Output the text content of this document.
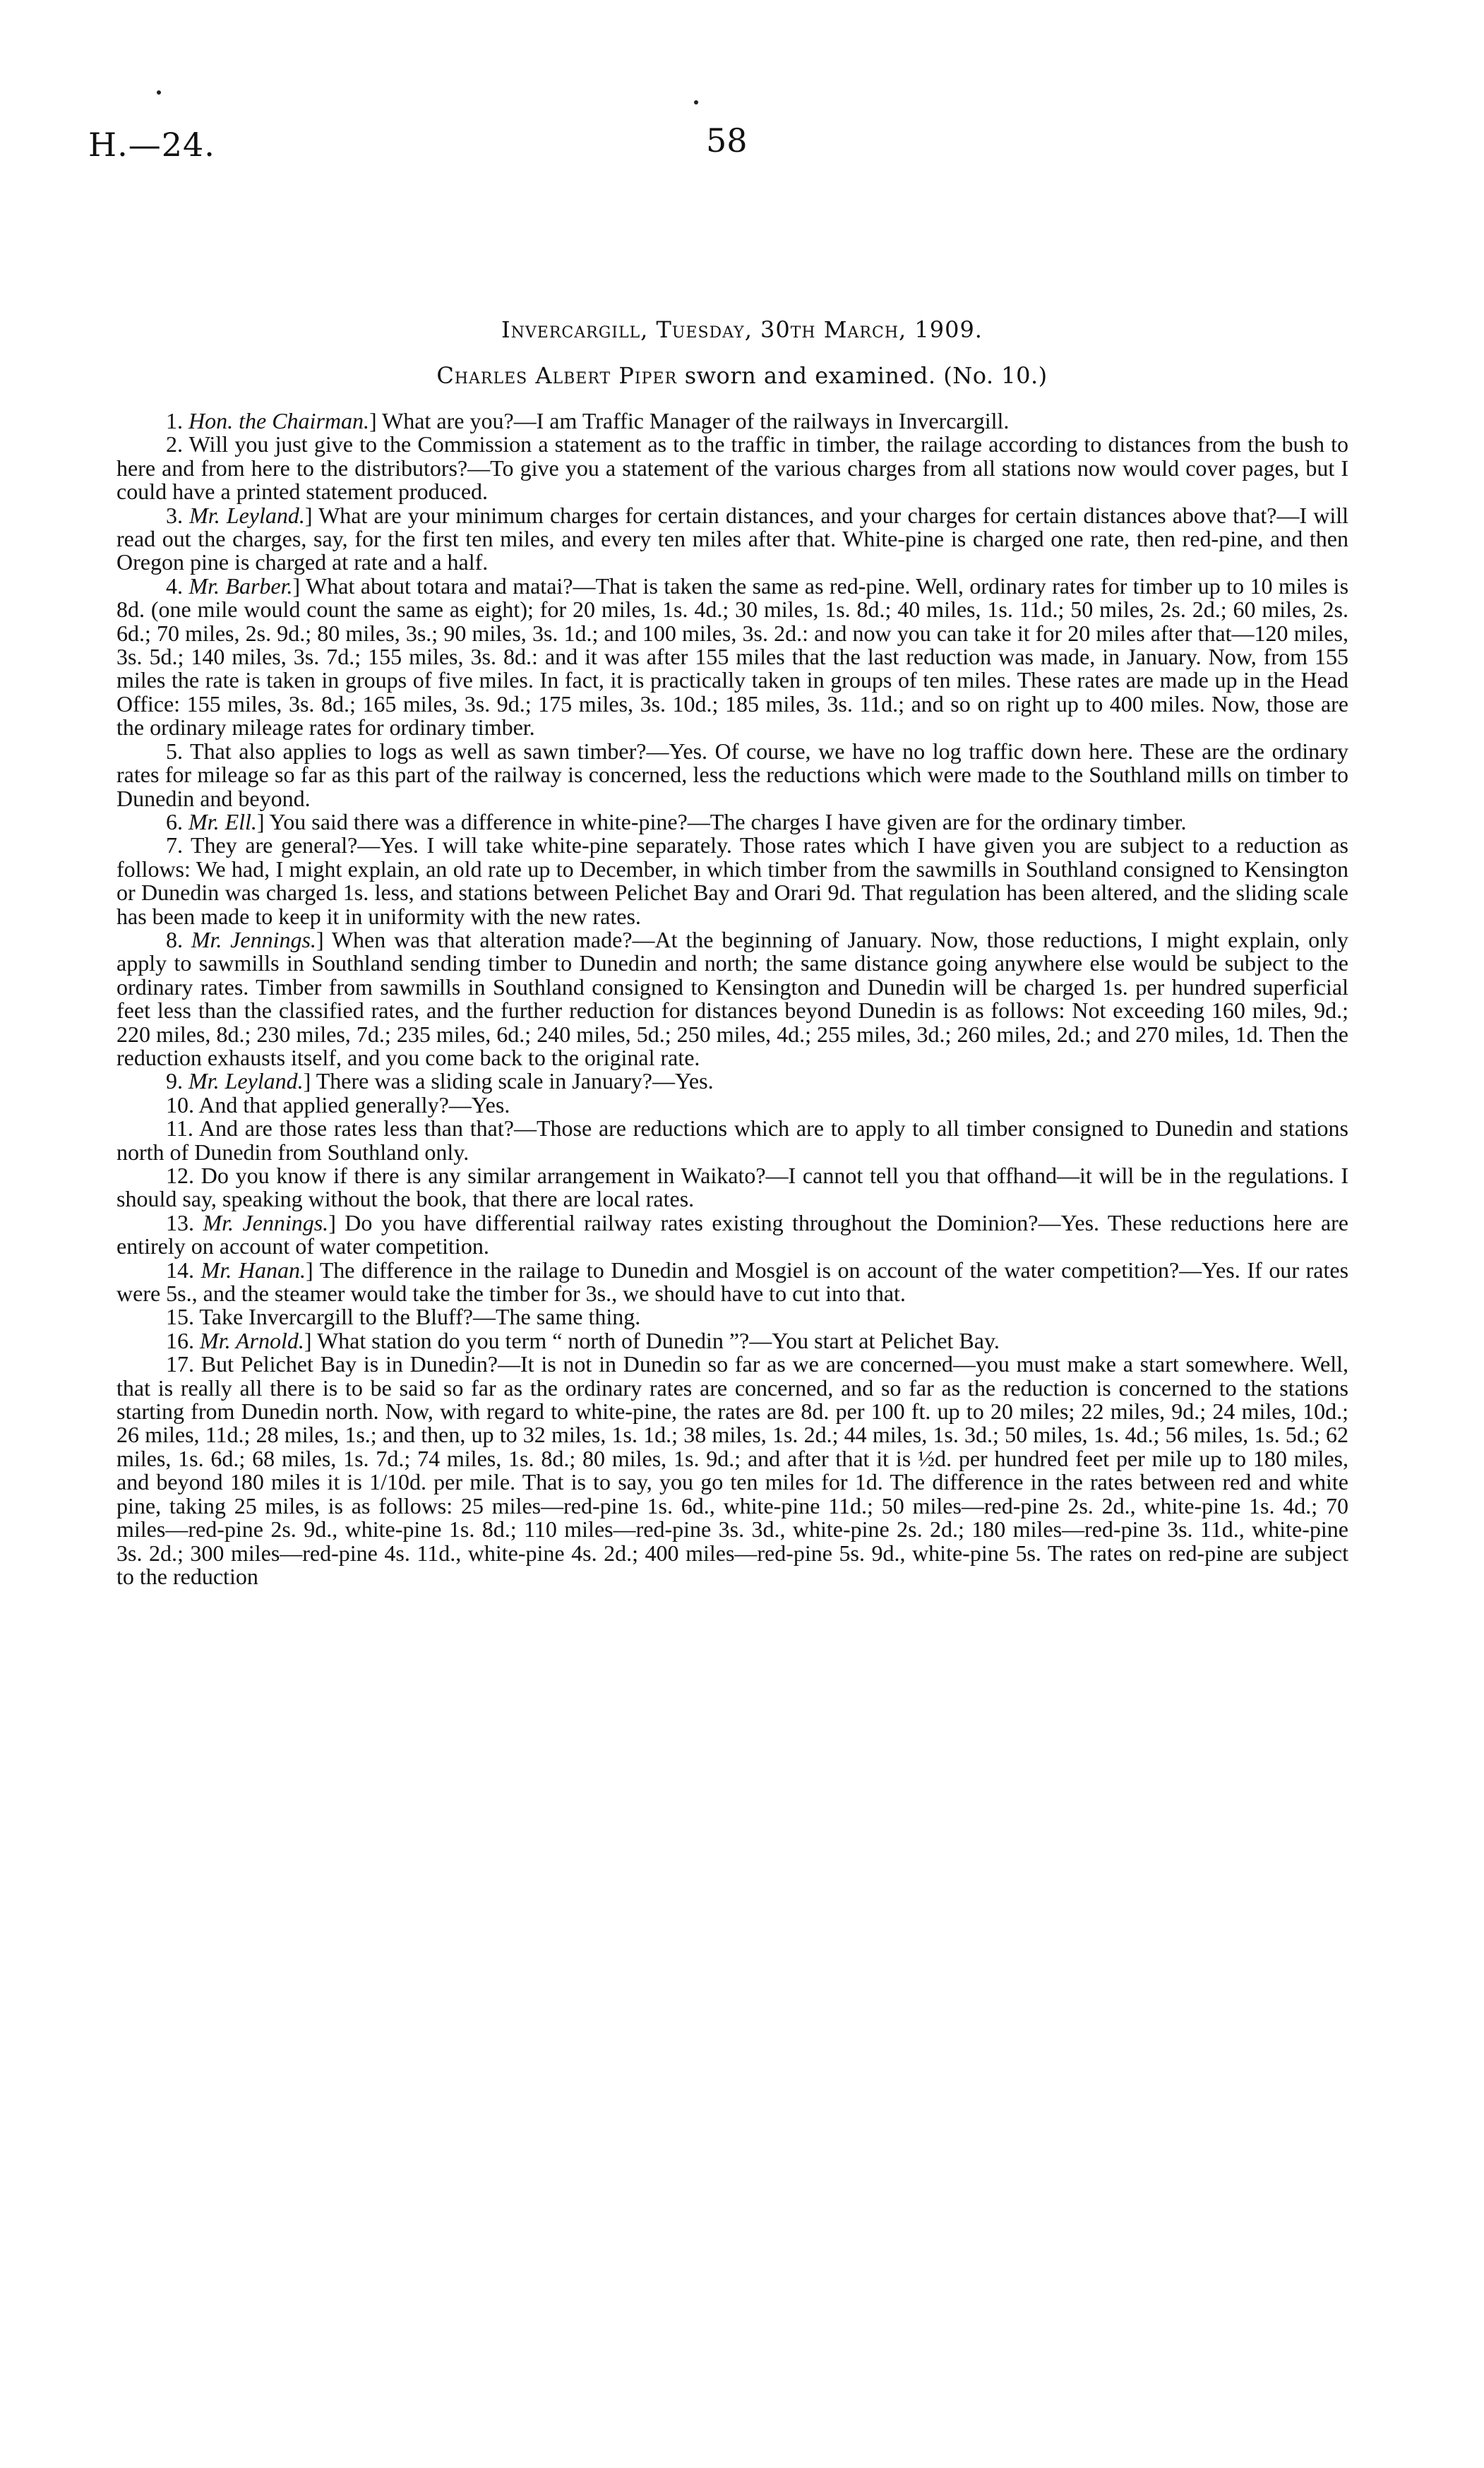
H.—24.	58
Invercargill, Tuesday, 30th March, 1909.
Charles Albert Piper sworn and examined. (No. 10.)

1. Hon. the Chairman.] What are you?—I am Traffic Manager of the railways in Invercargill.

2. Will you just give to the Commission a statement as to the traffic in timber, the railage according to distances from the bush to here and from here to the distributors?—To give you a statement of the various charges from all stations now would cover pages, but I could have a printed statement produced.

3. Mr. Leyland.] What are your minimum charges for certain distances, and your charges for certain distances above that?—I will read out the charges, say, for the first ten miles, and every ten miles after that. White-pine is charged one rate, then red-pine, and then Oregon pine is charged at rate and a half.

4. Mr. Barber.] What about totara and matai?—That is taken the same as red-pine. Well, ordinary rates for timber up to 10 miles is 8d. (one mile would count the same as eight); for 20 miles, 1s. 4d.; 30 miles, 1s. 8d.; 40 miles, 1s. 11d.; 50 miles, 2s. 2d.; 60 miles, 2s. 6d.; 70 miles, 2s. 9d.; 80 miles, 3s.; 90 miles, 3s. 1d.; and 100 miles, 3s. 2d.: and now you can take it for 20 miles after that—120 miles, 3s. 5d.; 140 miles, 3s. 7d.; 155 miles, 3s. 8d.: and it was after 155 miles that the last reduction was made, in January. Now, from 155 miles the rate is taken in groups of five miles. In fact, it is practically taken in groups of ten miles. These rates are made up in the Head Office: 155 miles, 3s. 8d.; 165 miles, 3s. 9d.; 175 miles, 3s. 10d.; 185 miles, 3s. 11d.; and so on right up to 400 miles. Now, those are the ordinary mileage rates for ordinary timber.

5. That also applies to logs as well as sawn timber?—Yes. Of course, we have no log traffic down here. These are the ordinary rates for mileage so far as this part of the railway is concerned, less the reductions which were made to the Southland mills on timber to Dunedin and beyond.

6. Mr. Ell.] You said there was a difference in white-pine?—The charges I have given are for the ordinary timber.

7. They are general?—Yes. I will take white-pine separately. Those rates which I have given you are subject to a reduction as follows: We had, I might explain, an old rate up to December, in which timber from the sawmills in Southland consigned to Kensington or Dunedin was charged 1s. less, and stations between Pelichet Bay and Orari 9d. That regulation has been altered, and the sliding scale has been made to keep it in uniformity with the new rates.

8. Mr. Jennings.] When was that alteration made?—At the beginning of January. Now, those reductions, I might explain, only apply to sawmills in Southland sending timber to Dunedin and north; the same distance going anywhere else would be subject to the ordinary rates. Timber from sawmills in Southland consigned to Kensington and Dunedin will be charged 1s. per hundred superficial feet less than the classified rates, and the further reduction for distances beyond Dunedin is as follows: Not exceeding 160 miles, 9d.; 220 miles, 8d.; 230 miles, 7d.; 235 miles, 6d.; 240 miles, 5d.; 250 miles, 4d.; 255 miles, 3d.; 260 miles, 2d.; and 270 miles, 1d. Then the reduction exhausts itself, and you come back to the original rate.

9. Mr. Leyland.] There was a sliding scale in January?—Yes.

10. And that applied generally?—Yes.

11. And are those rates less than that?—Those are reductions which are to apply to all timber consigned to Dunedin and stations north of Dunedin from Southland only.

12. Do you know if there is any similar arrangement in Waikato?—I cannot tell you that offhand—it will be in the regulations. I should say, speaking without the book, that there are local rates.

13. Mr. Jennings.] Do you have differential railway rates existing throughout the Dominion?—Yes. These reductions here are entirely on account of water competition.

14. Mr. Hanan.] The difference in the railage to Dunedin and Mosgiel is on account of the water competition?—Yes. If our rates were 5s., and the steamer would take the timber for 3s., we should have to cut into that.

15. Take Invercargill to the Bluff?—The same thing.

16. Mr. Arnold.] What station do you term “ north of Dunedin ”?—You start at Pelichet Bay.

17. But Pelichet Bay is in Dunedin?—It is not in Dunedin so far as we are concerned—you must make a start somewhere. Well, that is really all there is to be said so far as the ordinary rates are concerned, and so far as the reduction is concerned to the stations starting from Dunedin north. Now, with regard to white-pine, the rates are 8d. per 100 ft. up to 20 miles; 22 miles, 9d.; 24 miles, 10d.; 26 miles, 11d.; 28 miles, 1s.; and then, up to 32 miles, 1s. 1d.; 38 miles, 1s. 2d.; 44 miles, 1s. 3d.; 50 miles, 1s. 4d.; 56 miles, 1s. 5d.; 62 miles, 1s. 6d.; 68 miles, 1s. 7d.; 74 miles, 1s. 8d.; 80 miles, 1s. 9d.; and after that it is ½d. per hundred feet per mile up to 180 miles, and beyond 180 miles it is 1/10d. per mile. That is to say, you go ten miles for 1d. The difference in the rates between red and white pine, taking 25 miles, is as follows: 25 miles—red-pine 1s. 6d., white-pine 11d.; 50 miles—red-pine 2s. 2d., white-pine 1s. 4d.; 70 miles—red-pine 2s. 9d., white-pine 1s. 8d.; 110 miles—red-pine 3s. 3d., white-pine 2s. 2d.; 180 miles—red-pine 3s. 11d., white-pine 3s. 2d.; 300 miles—red-pine 4s. 11d., white-pine 4s. 2d.; 400 miles—red-pine 5s. 9d., white-pine 5s. The rates on red-pine are subject to the reduction
